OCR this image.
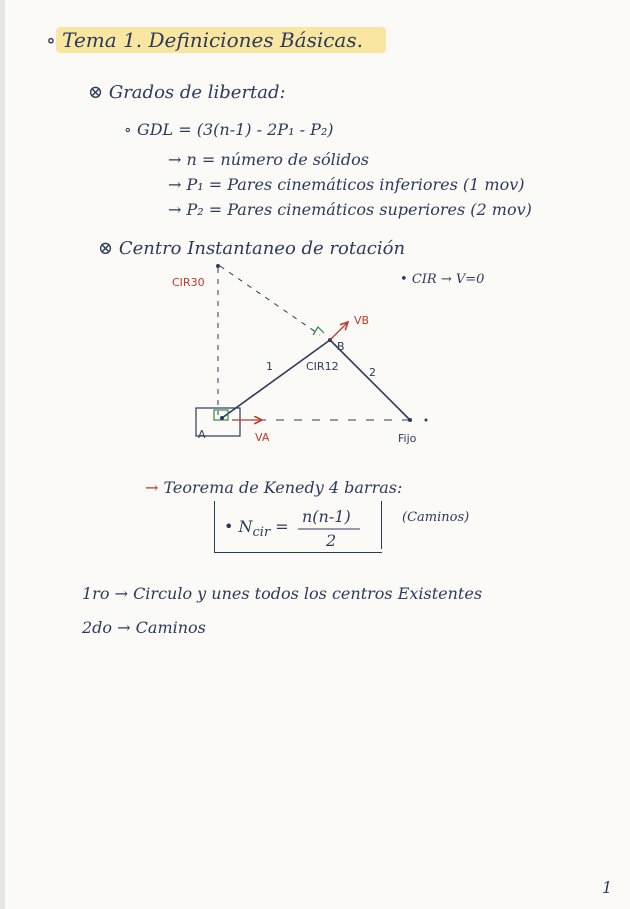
∘ Tema 1. Definiciones Básicas.
⊗ Grados de libertad:
∘ GDL = (3(n-1) - 2P₁ - P₂)
→ n = número de sólidos
→ P₁ = Pares cinemáticos inferiores (1 mov)
→ P₂ = Pares cinemáticos superiores (2 mov)
⊗ Centro Instantaneo de rotación
• CIR → V=0
CIR30
A
B
CIR12
1	2
VA
VB
Fijo
→ Teorema de Kenedy 4 barras:
(Caminos)
• $N_{cir}$ =
n(n-1)
2
1ro → Circulo y unes todos los centros Existentes
2do → Caminos
1
